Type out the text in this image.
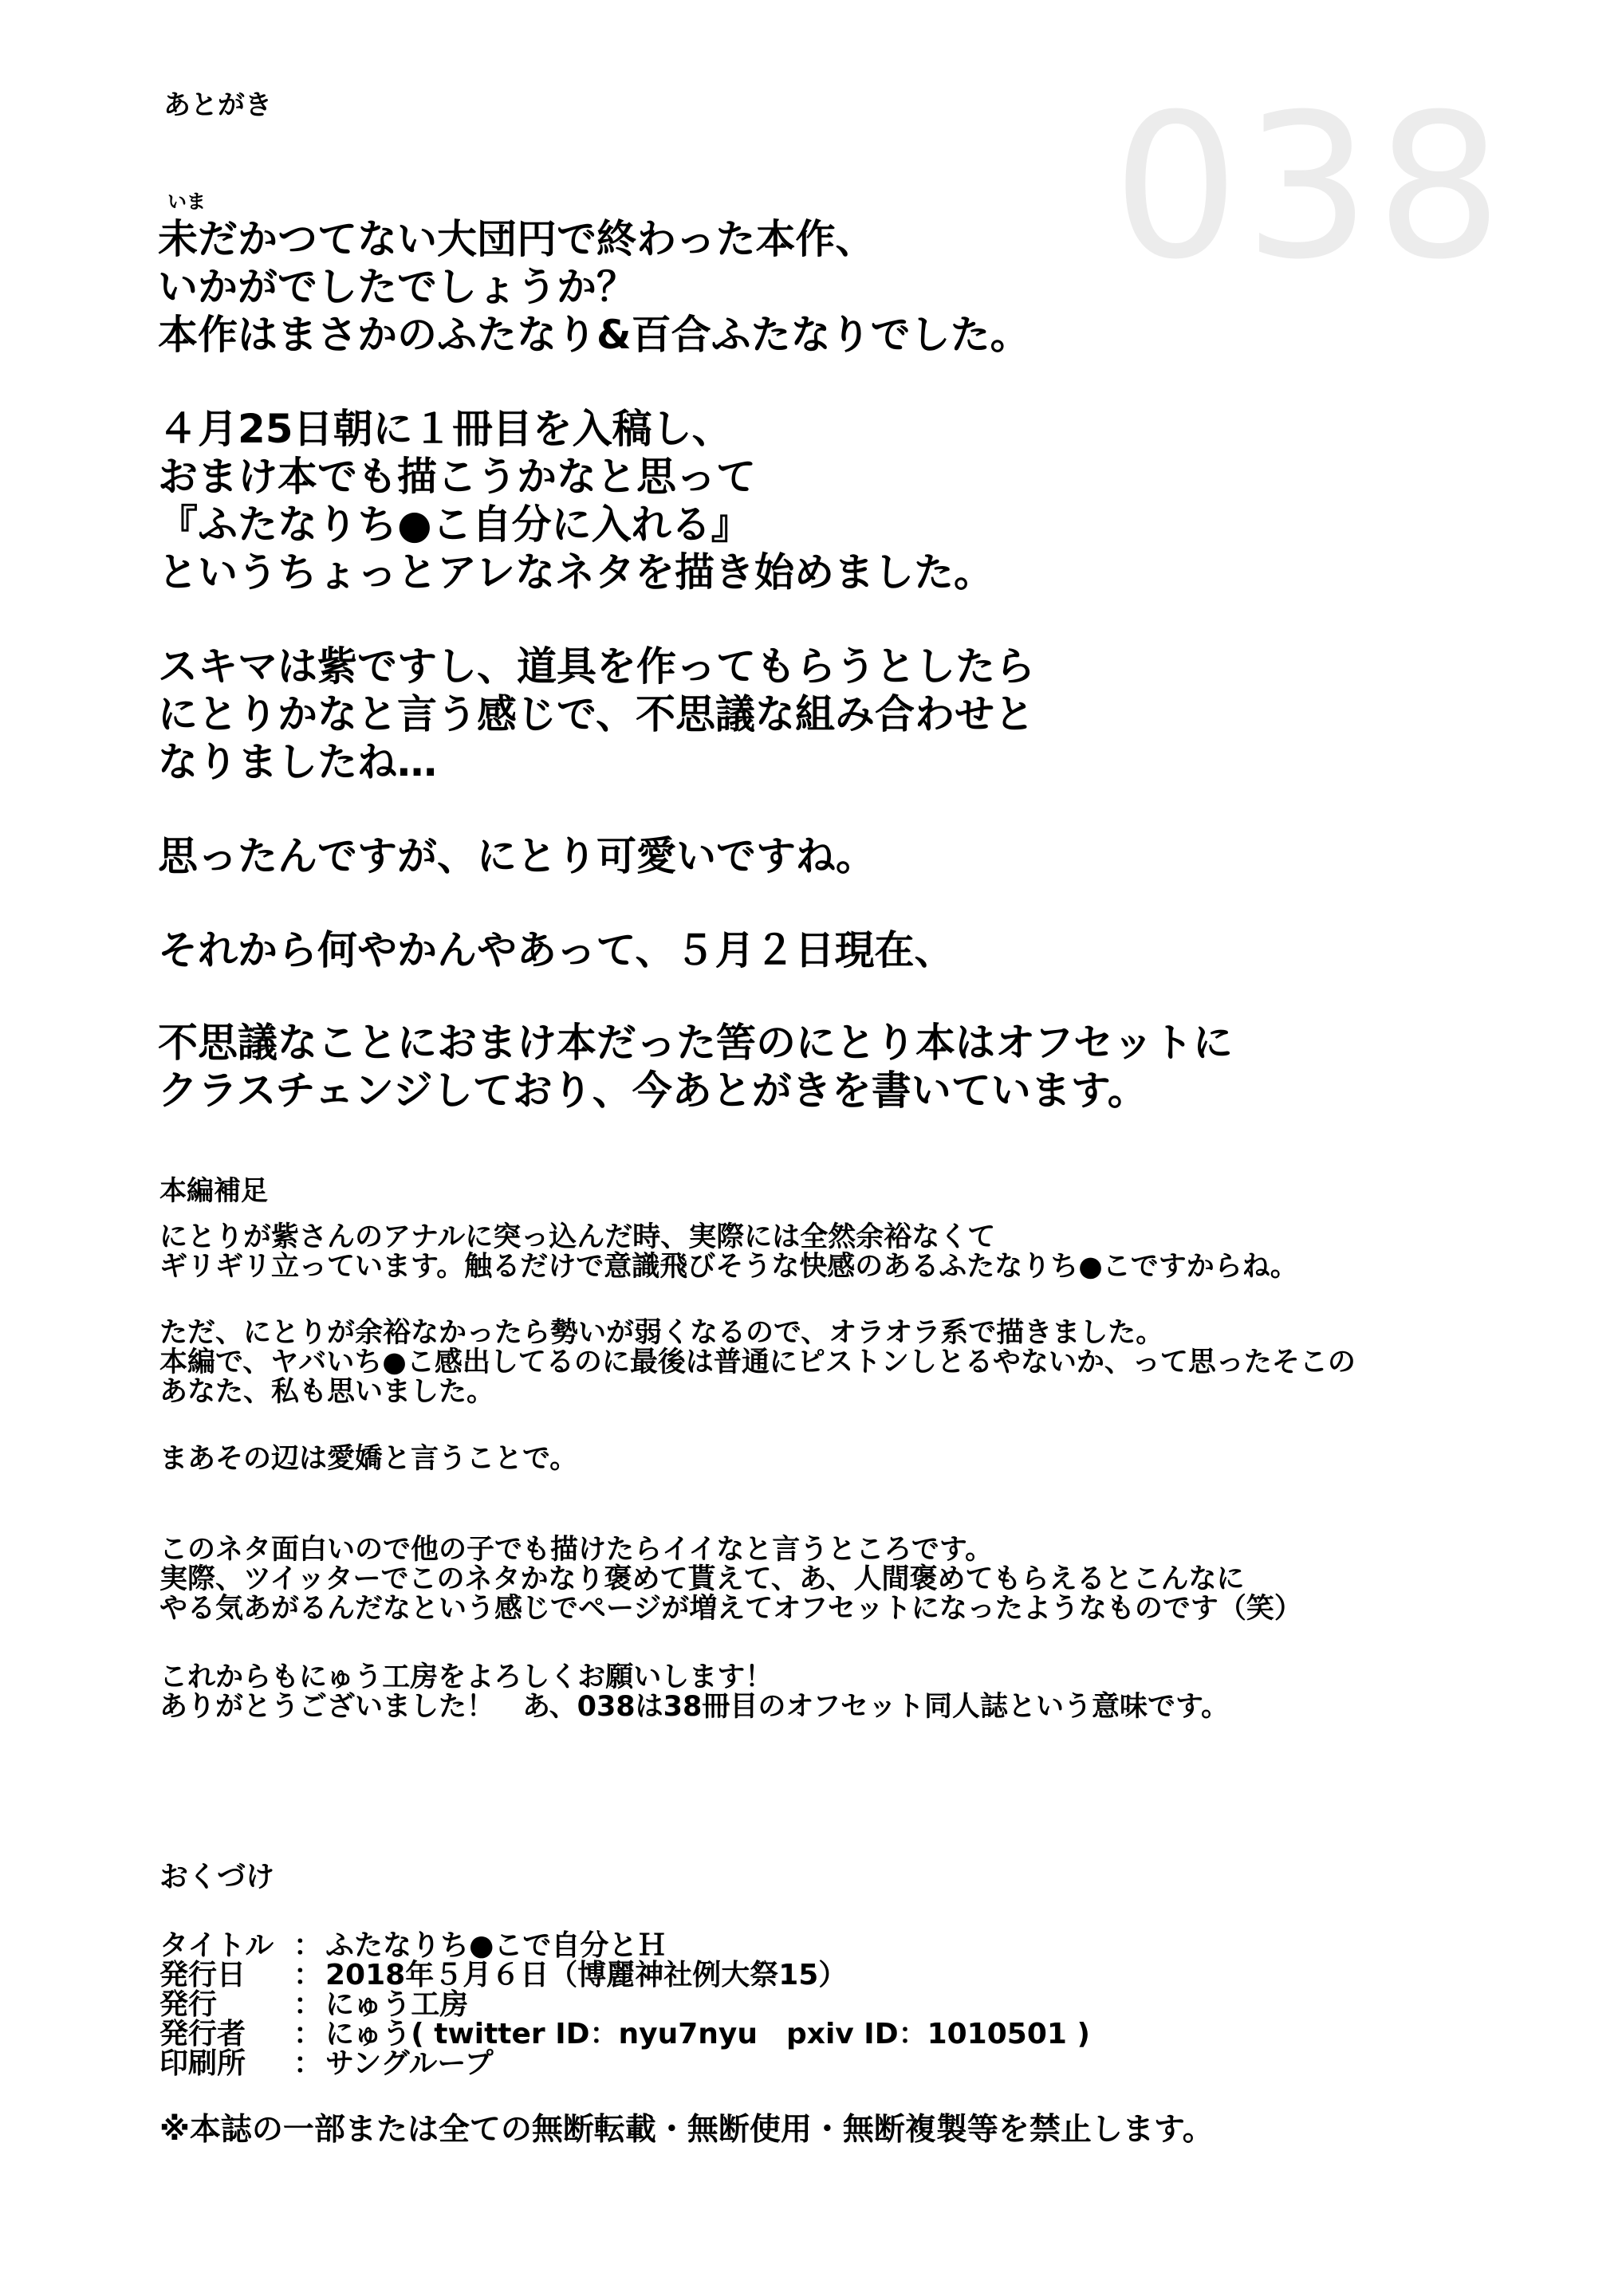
038
あとがき
いま
未だかつてない大団円で終わった本作、
いかがでしたでしょうか？
本作はまさかのふたなり&百合ふたなりでした。
４月25日朝に１冊目を入稿し、
おまけ本でも描こうかなと思って
『ふたなりち●こ自分に入れる』
というちょっとアレなネタを描き始めました。
スキマは紫ですし、道具を作ってもらうとしたら
にとりかなと言う感じで、不思議な組み合わせと
なりましたね…
思ったんですが、にとり可愛いですね。
それから何やかんやあって、５月２日現在、
不思議なことにおまけ本だった筈のにとり本はオフセットに
クラスチェンジしており、今あとがきを書いています。
本編補足
にとりが紫さんのアナルに突っ込んだ時、実際には全然余裕なくて
ギリギリ立っています。触るだけで意識飛びそうな快感のあるふたなりち●こですからね。
ただ、にとりが余裕なかったら勢いが弱くなるので、オラオラ系で描きました。
本編で、ヤバいち●こ感出してるのに最後は普通にピストンしとるやないか、って思ったそこの
あなた、私も思いました。
まあその辺は愛嬌と言うことで。
このネタ面白いので他の子でも描けたらイイなと言うところです。
実際、ツイッターでこのネタかなり褒めて貰えて、あ、人間褒めてもらえるとこんなに
やる気あがるんだなという感じでページが増えてオフセットになったようなものです（笑）
これからもにゅう工房をよろしくお願いします！
ありがとうございました！　あ、038は38冊目のオフセット同人誌という意味です。
おくづけ
タイトル ： ふたなりち●こで自分とＨ
発行日	： 2018年５月６日（博麗神社例大祭15）
発行	： にゅう工房
発行者	： にゅう( twitter ID：nyu7nyu　pxiv ID：1010501 )
印刷所	： サングループ
※本誌の一部または全ての無断転載・無断使用・無断複製等を禁止します。
